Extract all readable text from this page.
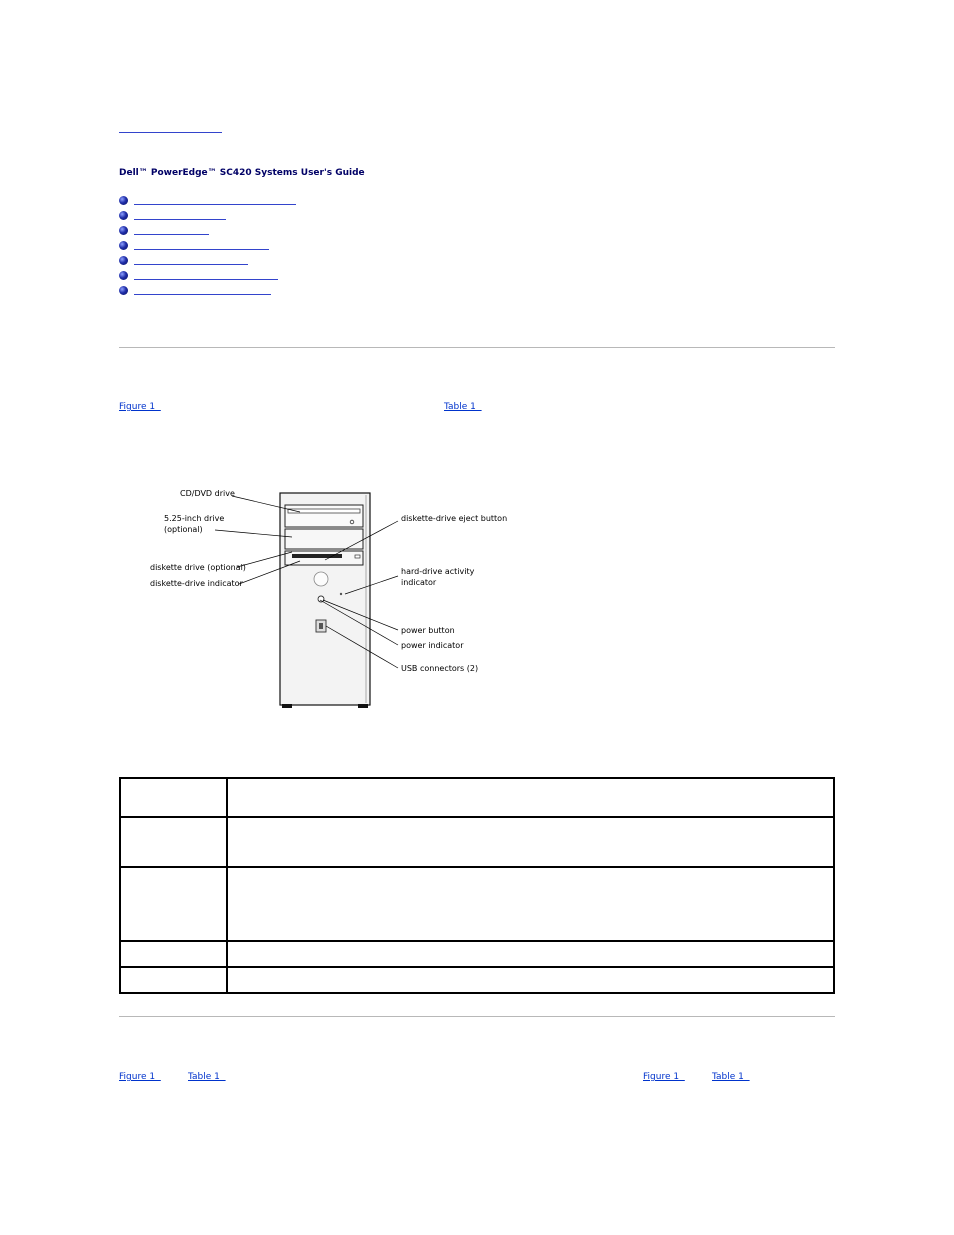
Dell™ PowerEdge™ SC420 Systems User's Guide
Figure 1	Table 1
CD/DVD drive
5.25-inch drive
(optional)
diskette drive (optional)
diskette-drive indicator
diskette-drive eject button
hard-drive activity
indicator
power button
power indicator
USB connectors (2)

Figure 1	Table 1	Figure 1	Table 1
